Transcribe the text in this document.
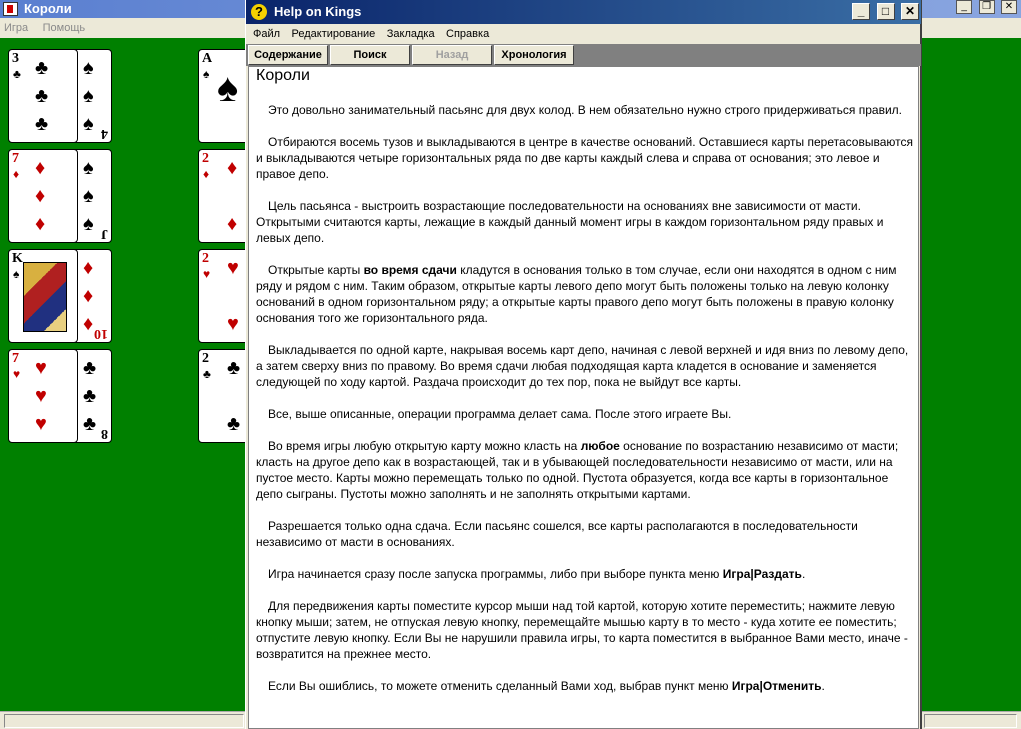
Короли	_ ❐ ✕
Игра Помощь
4
♠
♠
♠
3
♣ ♣
♣
♣
J
♠
♠
♠
7
♦ ♦
♦
♦
10
♦
♦
♦
K
♠
8
♣
♣
♣
7
♥ ♥
♥
♥
A
♠ ♠
2
♦ ♦
♦
2
♥ ♥
♥
2
♣ ♣
♣
? Help on Kings	_ □ ✕
Файл Редактирование Закладка Справка
Содержание	Поиск	Назад	Хронология
Короли

Это довольно занимательный пасьянс для двух колод. В нем обязательно нужно строго придерживаться правил.

Отбираются восемь тузов и выкладываются в центре в качестве оснований. Оставшиеся карты перетасовываются и выкладываются четыре горизонтальных ряда по две карты каждый слева и справа от основания; это левое и правое депо.

Цель пасьянса - выстроить возрастающие последовательности на основаниях вне зависимости от масти. Открытыми считаются карты, лежащие в каждый данный момент игры в каждом горизонтальном ряду правых и левых депо.

Открытые карты во время сдачи кладутся в основания только в том случае, если они находятся в одном с ним ряду и рядом с ним. Таким образом, открытые карты левого депо могут быть положены только на левую колонку оснований в одном горизонтальном ряду; а открытые карты правого депо могут быть положены в правую колонку основания того же горизонтального ряда.

Выкладывается по одной карте, накрывая восемь карт депо, начиная с левой верхней и идя вниз по левому депо, а затем сверху вниз по правому. Во время сдачи любая подходящая карта кладется в основание и заменяется следующей по ходу картой. Раздача происходит до тех пор, пока не выйдут все карты.

Все, выше описанные, операции программа делает сама. После этого играете Вы.

Во время игры любую открытую карту можно класть на любое основание по возрастанию независимо от масти; класть на другое депо как в возрастающей, так и в убывающей последовательности независимо от масти, или на пустое место. Карты можно перемещать только по одной. Пустота образуется, когда все карты в горизонтальное депо сыграны. Пустоты можно заполнять и не заполнять открытыми картами.

Разрешается только одна сдача. Если пасьянс сошелся, все карты располагаются в последовательности независимо от масти в основаниях.

Игра начинается сразу после запуска программы, либо при выборе пункта меню Игра|Раздать.

Для передвижения карты поместите курсор мыши над той картой, которую хотите переместить; нажмите левую кнопку мыши; затем, не отпуская левую кнопку, перемещайте мышью карту в то место - куда хотите ее поместить; отпустите левую кнопку. Если Вы не нарушили правила игры, то карта поместится в выбранное Вами место, иначе - возвратится на прежнее место.

Если Вы ошиблись, то можете отменить сделанный Вами ход, выбрав пункт меню Игра|Отменить.
